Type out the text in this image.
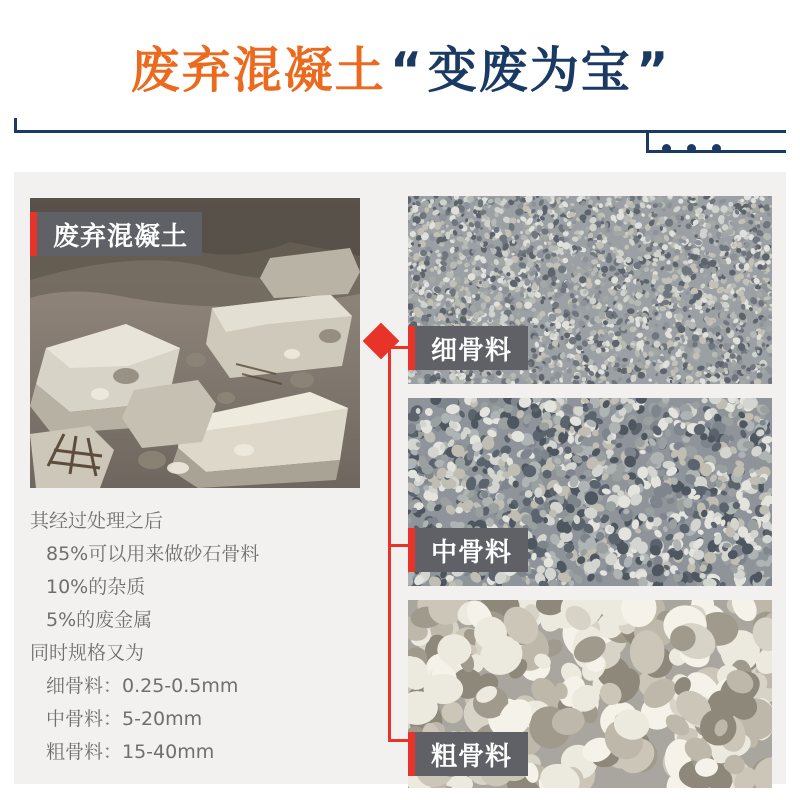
废弃混凝土 “ 变废为宝 ”
废弃混凝土
其经过处理之后
85%可以用来做砂石骨料
10%的杂质
5%的废金属
同时规格又为
细骨料：0.25-0.5mm
中骨料：5-20mm
粗骨料：15-40mm
细骨料
中骨料
粗骨料
